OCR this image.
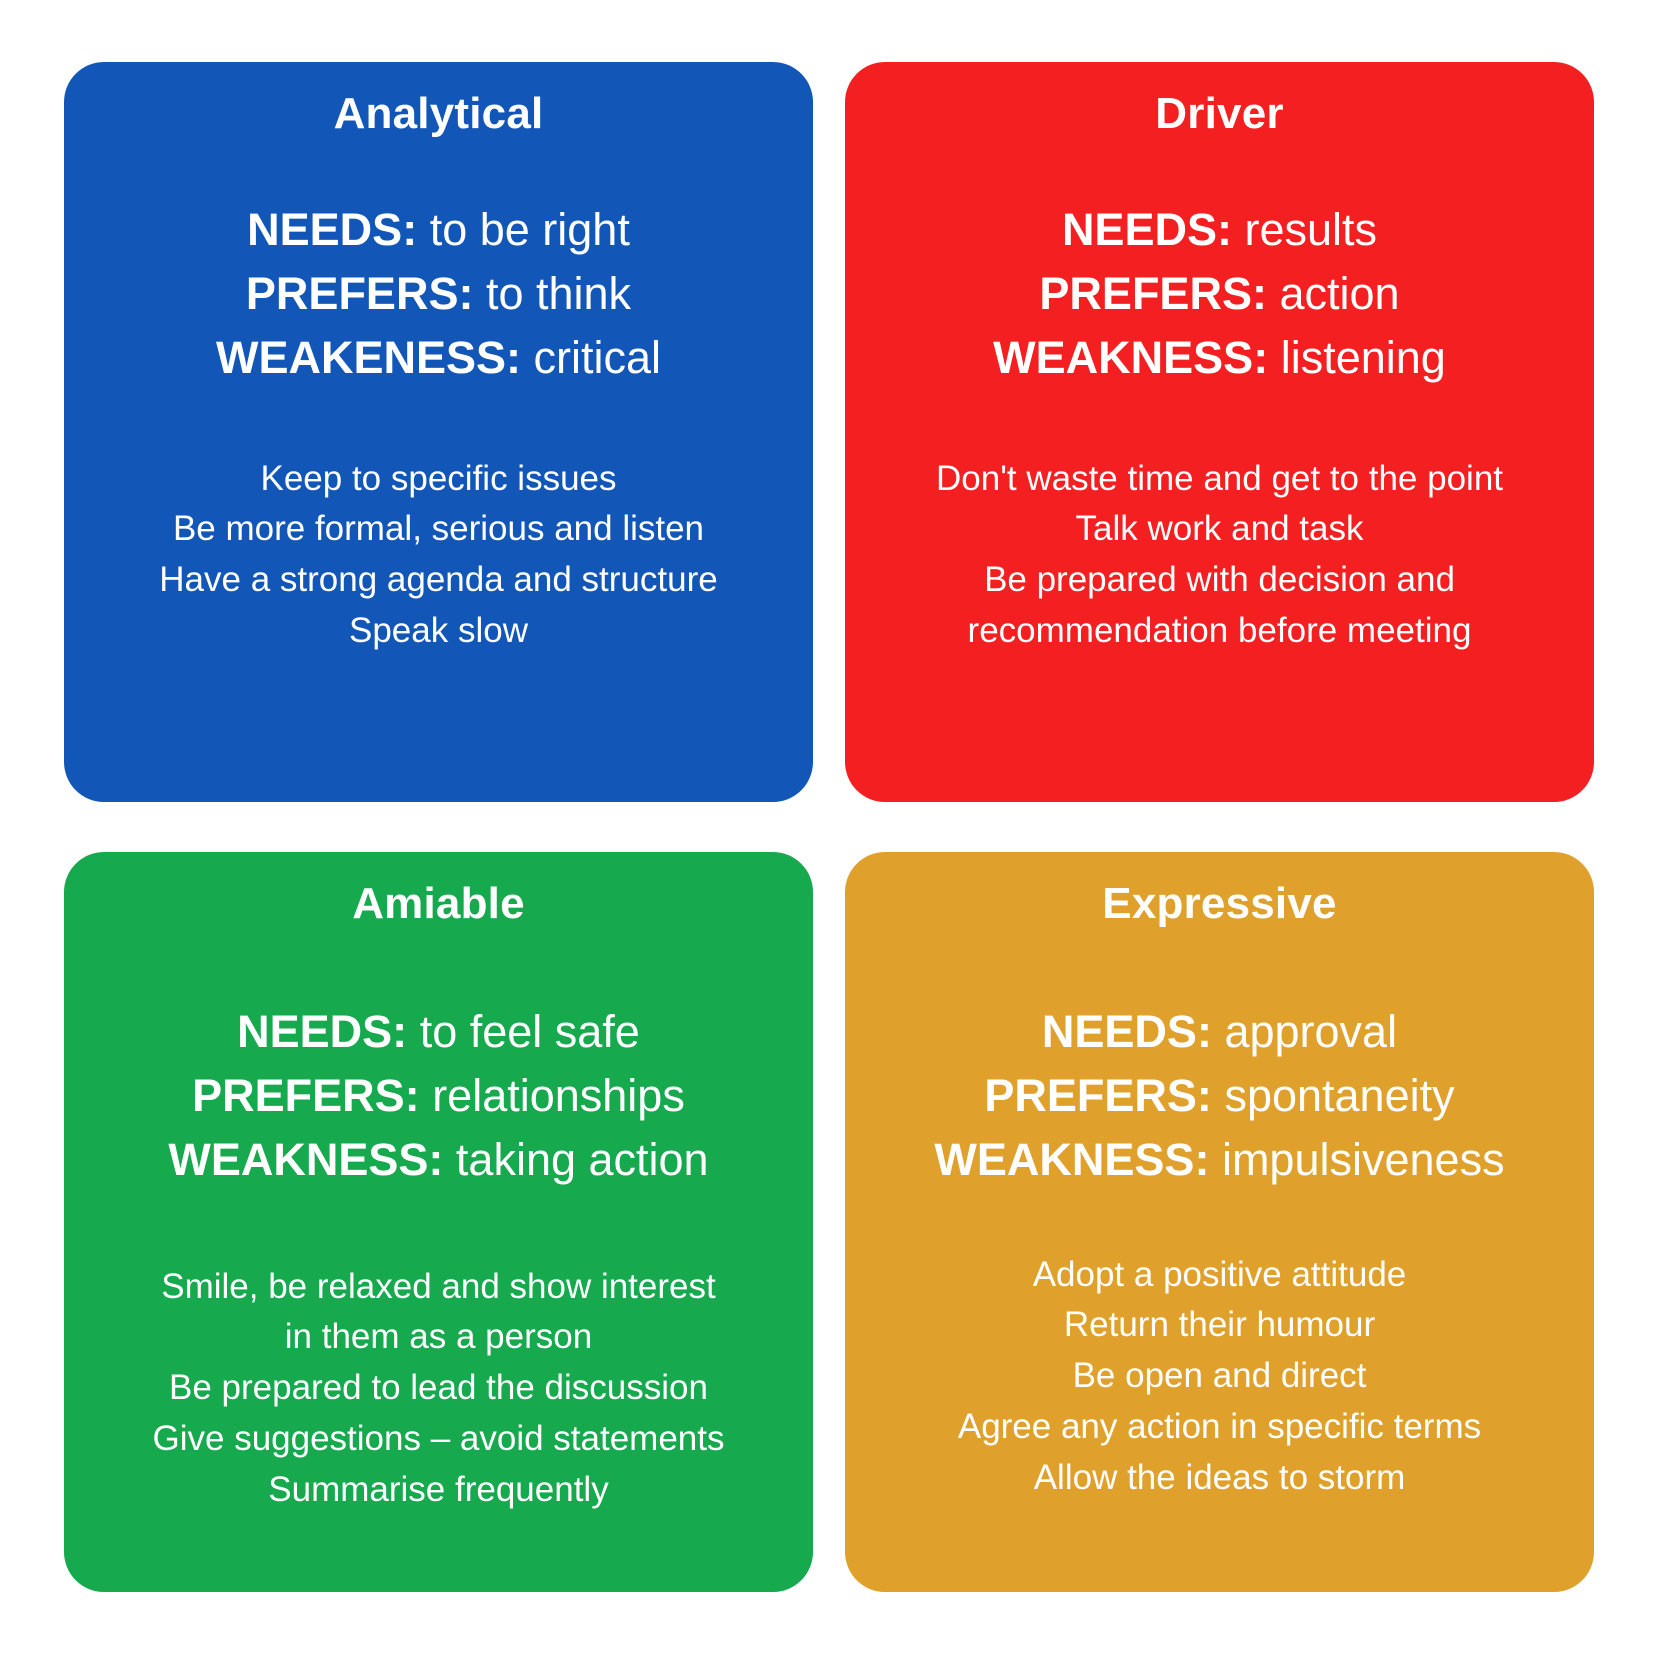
Analytical
NEEDS: to be right
PREFERS: to think
WEAKENESS: critical
Keep to specific issues
Be more formal, serious and listen
Have a strong agenda and structure
Speak slow
Driver
NEEDS: results
PREFERS: action
WEAKNESS: listening
Don't waste time and get to the point
Talk work and task
Be prepared with decision and
recommendation before meeting
Amiable
NEEDS: to feel safe
PREFERS: relationships
WEAKNESS: taking action
Smile, be relaxed and show interest
in them as a person
Be prepared to lead the discussion
Give suggestions – avoid statements
Summarise frequently
Expressive
NEEDS: approval
PREFERS: spontaneity
WEAKNESS: impulsiveness
Adopt a positive attitude
Return their humour
Be open and direct
Agree any action in specific terms
Allow the ideas to storm
